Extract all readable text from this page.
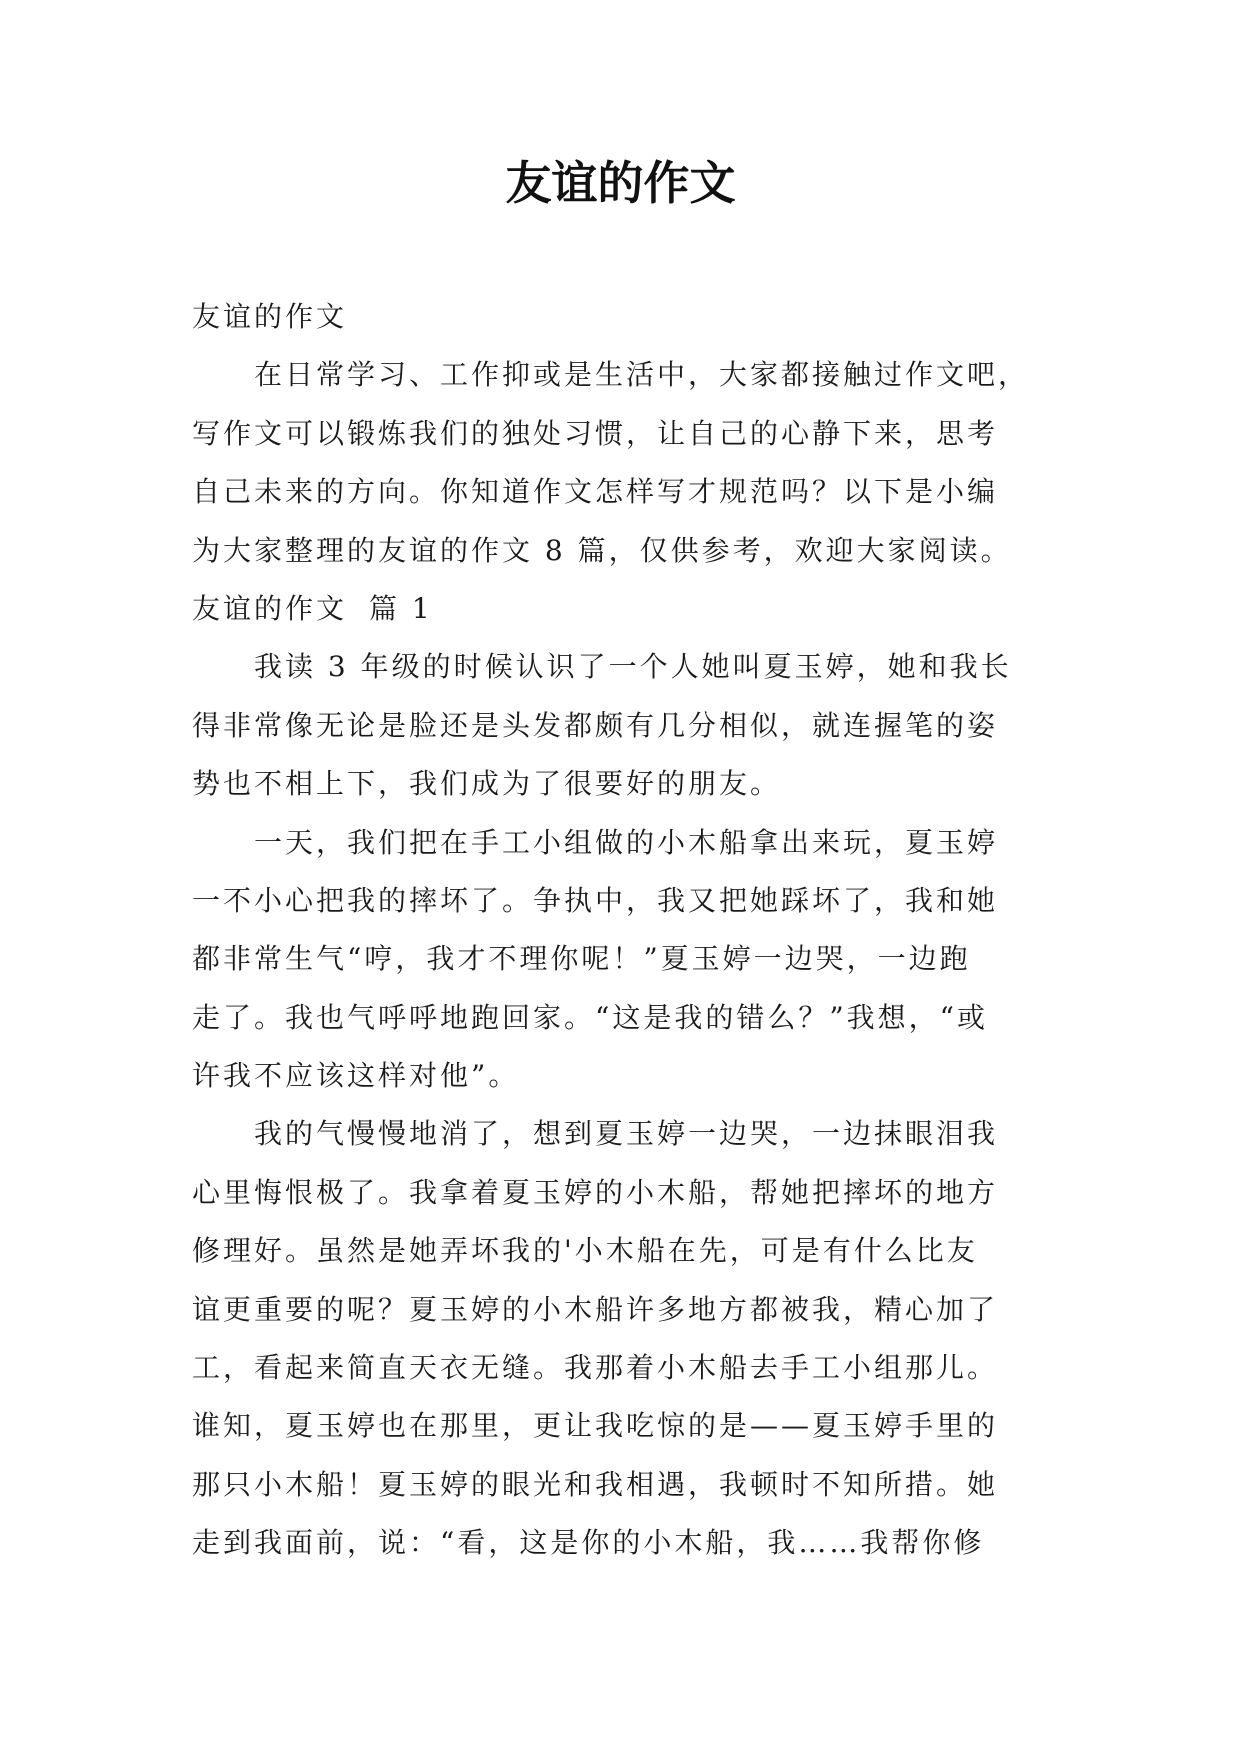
友谊的作文
友谊的作文
在日常学习、工作抑或是生活中，大家都接触过作文吧，
写作文可以锻炼我们的独处习惯，让自己的心静下来，思考
自己未来的方向。你知道作文怎样写才规范吗？以下是小编
为大家整理的友谊的作文 8 篇，仅供参考，欢迎大家阅读。
友谊的作文 篇 1
我读 3 年级的时候认识了一个人她叫夏玉婷，她和我长
得非常像无论是脸还是头发都颇有几分相似，就连握笔的姿
势也不相上下，我们成为了很要好的朋友。
一天，我们把在手工小组做的小木船拿出来玩，夏玉婷
一不小心把我的摔坏了。争执中，我又把她踩坏了，我和她
都非常生气“哼，我才不理你呢！”夏玉婷一边哭，一边跑
走了。我也气呼呼地跑回家。“这是我的错么？”我想，“或
许我不应该这样对他”。
我的气慢慢地消了，想到夏玉婷一边哭，一边抹眼泪我
心里悔恨极了。我拿着夏玉婷的小木船，帮她把摔坏的地方
修理好。虽然是她弄坏我的'小木船在先，可是有什么比友
谊更重要的呢？夏玉婷的小木船许多地方都被我，精心加了
工，看起来简直天衣无缝。我那着小木船去手工小组那儿。
谁知，夏玉婷也在那里，更让我吃惊的是——夏玉婷手里的
那只小木船！夏玉婷的眼光和我相遇，我顿时不知所措。她
走到我面前，说：“看，这是你的小木船，我……我帮你修
